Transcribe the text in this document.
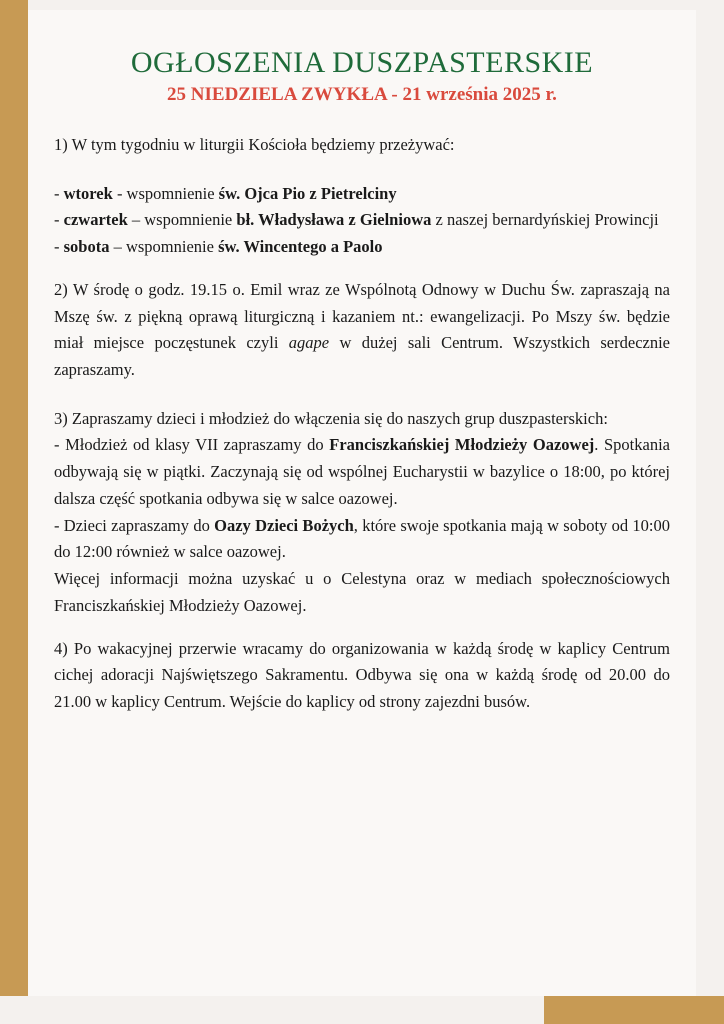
OGŁOSZENIA DUSZPASTERSKIE
25 NIEDZIELA ZWYKŁA - 21 września 2025 r.

1) W tym tygodniu w liturgii Kościoła będziemy przeżywać:

- wtorek - wspomnienie św. Ojca Pio z Pietrelciny

- czwartek – wspomnienie bł. Władysława z Gielniowa z naszej bernardyńskiej Prowincji

- sobota – wspomnienie św. Wincentego a Paolo

2) W środę o godz. 19.15 o. Emil wraz ze Wspólnotą Odnowy w Duchu Św. zapraszają na Mszę św. z piękną oprawą liturgiczną i kazaniem nt.: ewangelizacji. Po Mszy św. będzie miał miejsce poczęstunek czyli agape w dużej sali Centrum. Wszystkich serdecznie zapraszamy.

3) Zapraszamy dzieci i młodzież do włączenia się do naszych grup duszpasterskich:

- Młodzież od klasy VII zapraszamy do Franciszkańskiej Młodzieży Oazowej. Spotkania odbywają się w piątki. Zaczynają się od wspólnej Eucharystii w bazylice o 18:00, po której dalsza część spotkania odbywa się w salce oazowej.

- Dzieci zapraszamy do Oazy Dzieci Bożych, które swoje spotkania mają w soboty od 10:00 do 12:00 również w salce oazowej.

Więcej informacji można uzyskać u o Celestyna oraz w mediach społecznościowych Franciszkańskiej Młodzieży Oazowej.

4) Po wakacyjnej przerwie wracamy do organizowania w każdą środę w kaplicy Centrum cichej adoracji Najświętszego Sakramentu. Odbywa się ona w każdą środę od 20.00 do 21.00 w kaplicy Centrum. Wejście do kaplicy od strony zajezdni busów.
